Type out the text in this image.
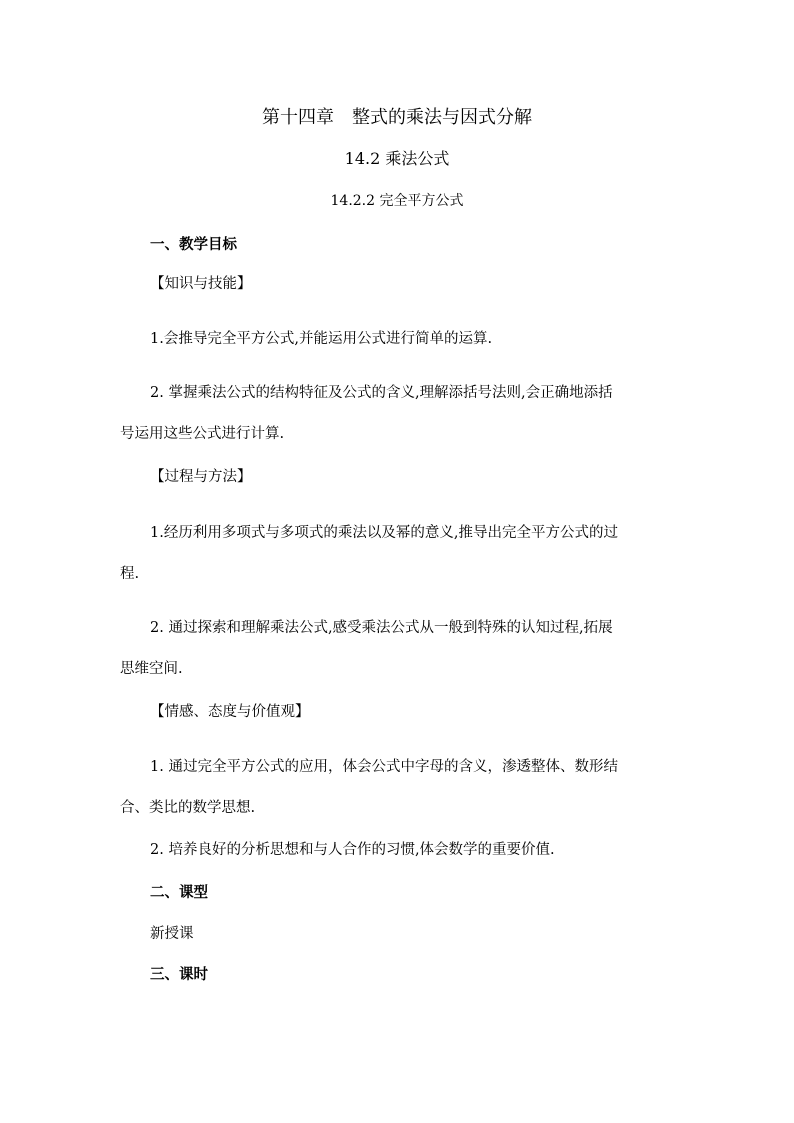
第十四章　整式的乘法与因式分解

14.2 乘法公式

14.2.2 完全平方公式

一、教学目标

【知识与技能】

1.会推导完全平方公式,并能运用公式进行简单的运算.

2. 掌握乘法公式的结构特征及公式的含义,理解添括号法则,会正确地添括

号运用这些公式进行计算.

【过程与方法】

1.经历利用多项式与多项式的乘法以及幂的意义,推导出完全平方公式的过

程.

2. 通过探索和理解乘法公式,感受乘法公式从一般到特殊的认知过程,拓展

思维空间.

【情感、态度与价值观】

1. 通过完全平方公式的应用，体会公式中字母的含义，渗透整体、数形结

合、类比的数学思想.

2. 培养良好的分析思想和与人合作的习惯,体会数学的重要价值.

二、课型

新授课

三、课时
